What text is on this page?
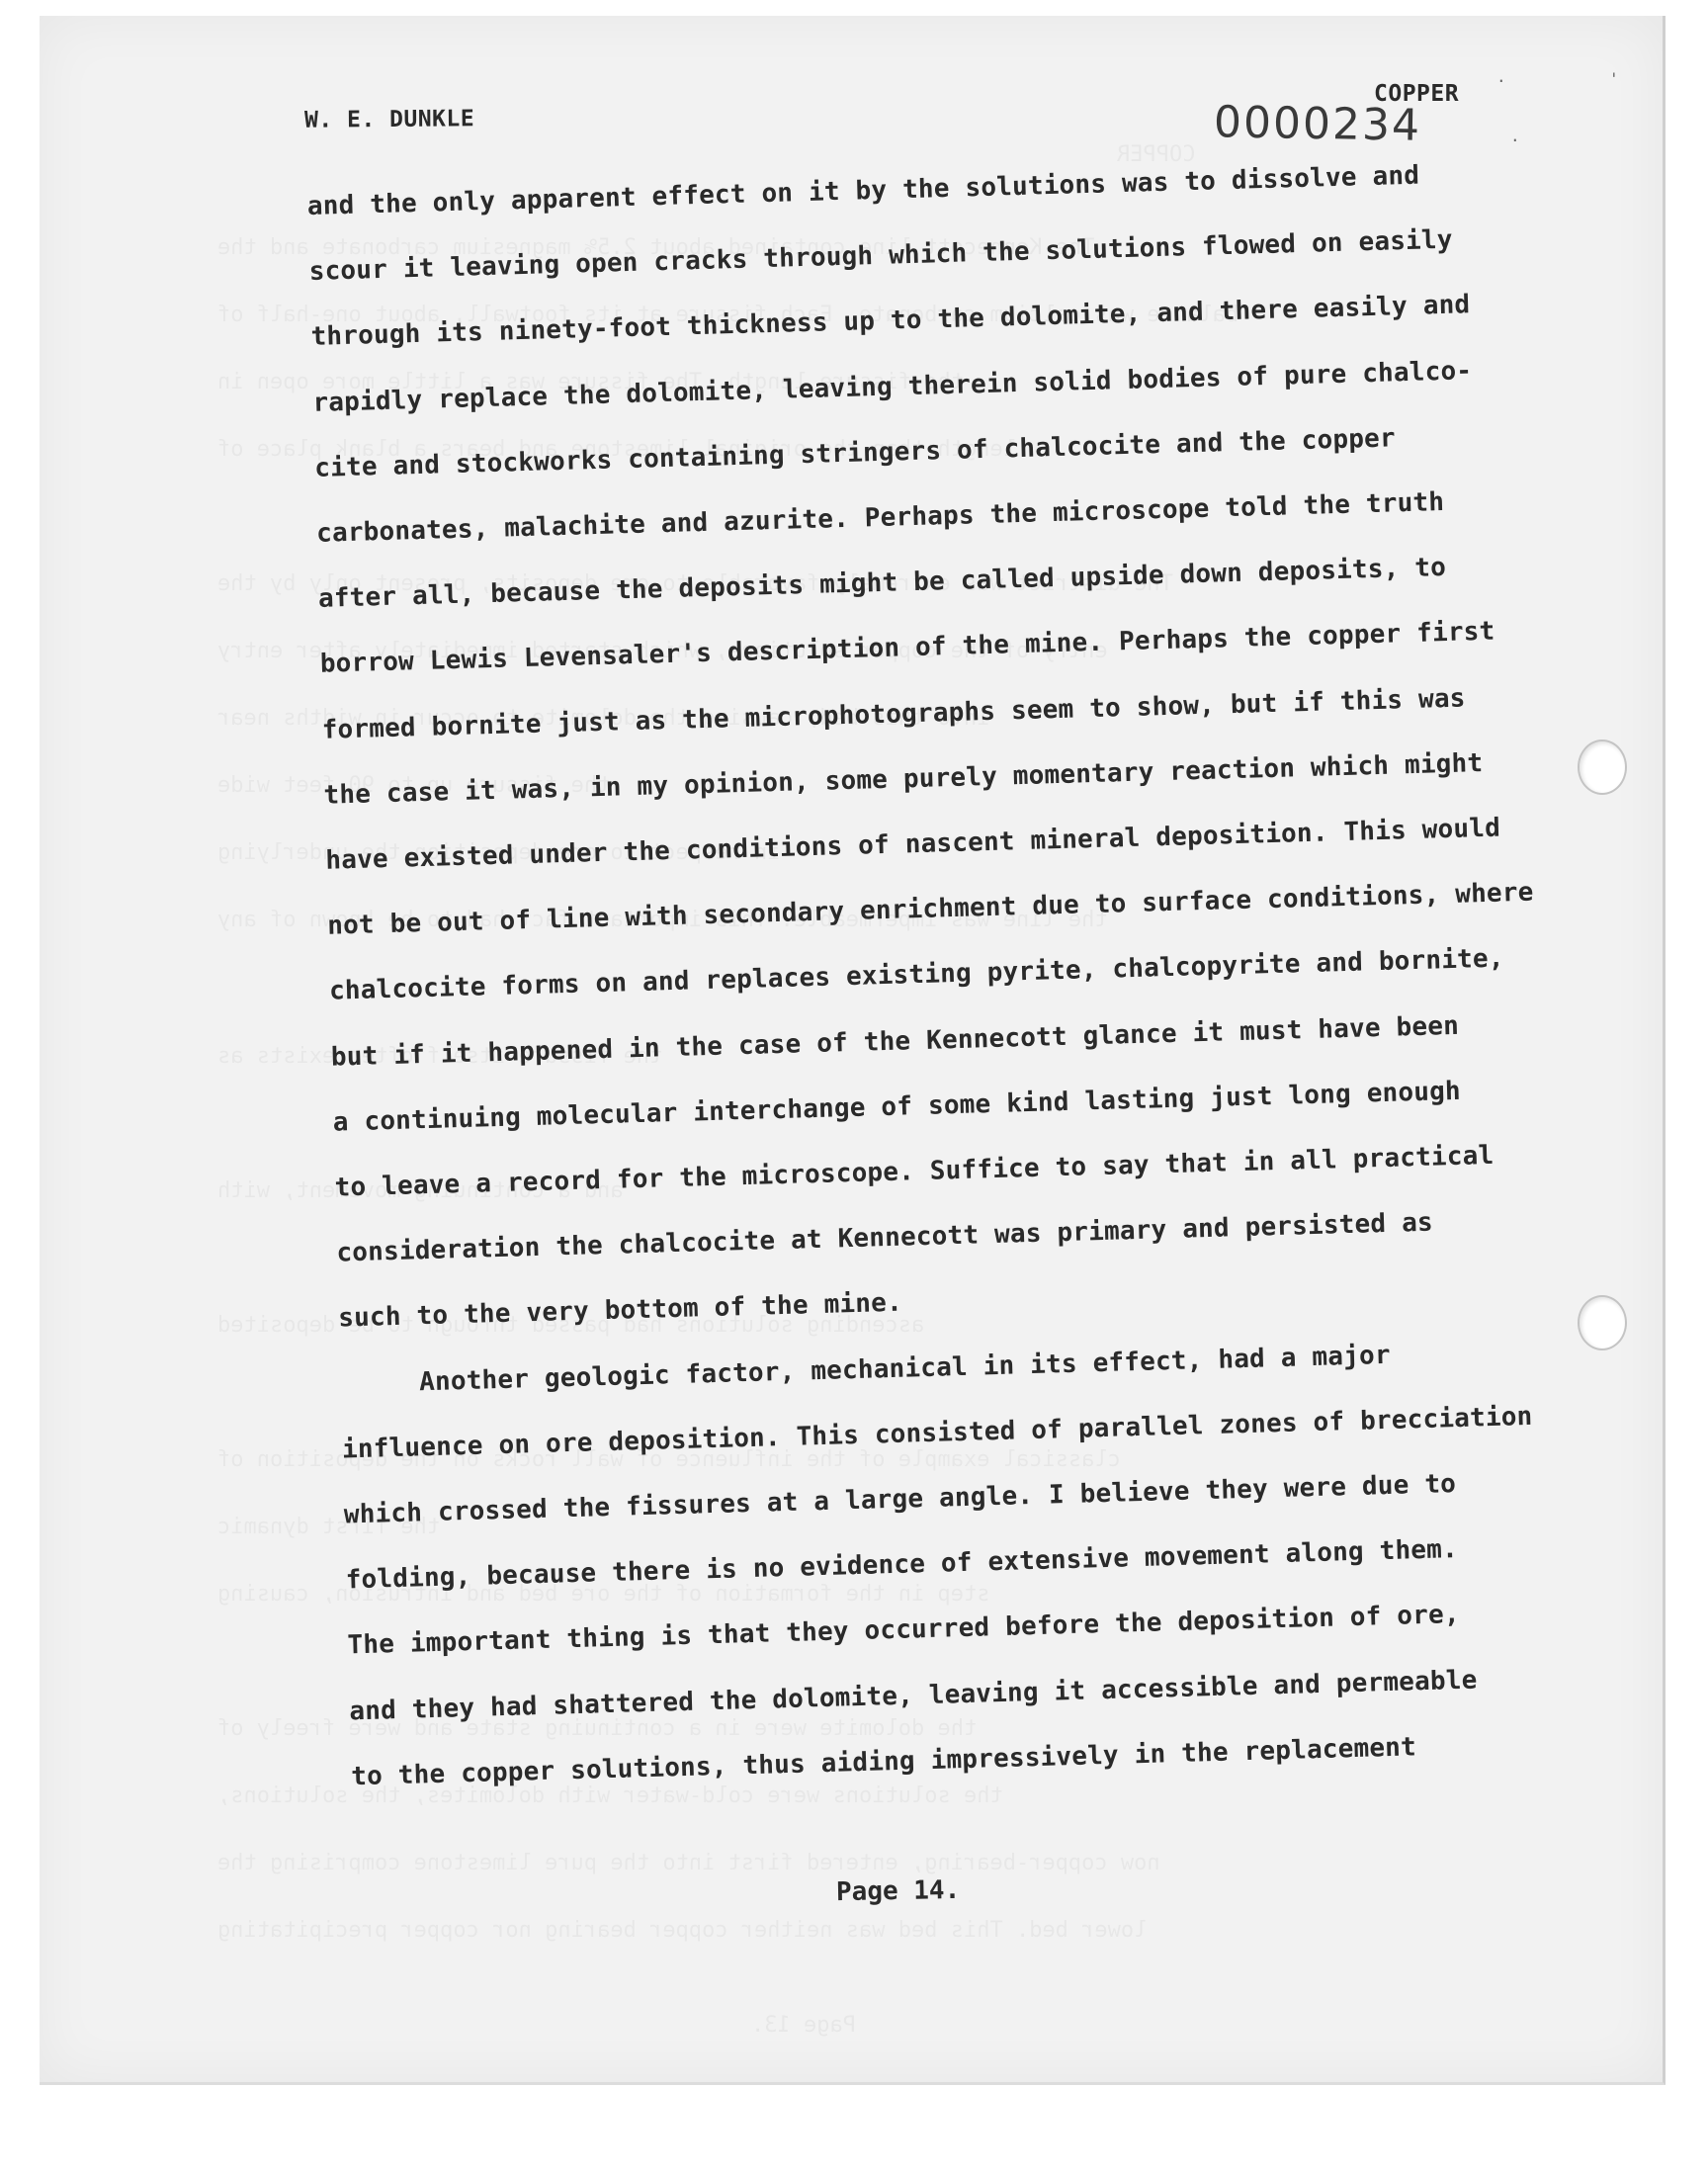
W. E. DUNKLE
COPPER
0000234
.	'
.
and the only apparent effect on it by the solutions was to dissolve and
scour it leaving open cracks through which the solutions flowed on easily
through its ninety-foot thickness up to the dolomite, and there easily and
rapidly replace the dolomite, leaving therein solid bodies of pure chalco-
cite and stockworks containing stringers of chalcocite and the copper
carbonates, malachite and azurite. Perhaps the microscope told the truth
after all, because the deposits might be called upside down deposits, to
borrow Lewis Levensaler's description of the mine. Perhaps the copper first
formed bornite just as the microphotographs seem to show, but if this was
the case it was, in my opinion, some purely momentary reaction which might
have existed under the conditions of nascent mineral deposition. This would
not be out of line with secondary enrichment due to surface conditions, where
chalcocite forms on and replaces existing pyrite, chalcopyrite and bornite,
but if it happened in the case of the Kennecott glance it must have been
a continuing molecular interchange of some kind lasting just long enough
to leave a record for the microscope. Suffice to say that in all practical
consideration the chalcocite at Kennecott was primary and persisted as
such to the very bottom of the mine.
Another geologic factor, mechanical in its effect, had a major
influence on ore deposition. This consisted of parallel zones of brecciation
which crossed the fissures at a large angle. I believe they were due to
folding, because there is no evidence of extensive movement along them.
The important thing is that they occurred before the deposition of ore,
and they had shattered the dolomite, leaving it accessible and permeable
to the copper solutions, thus aiding impressively in the replacement
Page 14.
